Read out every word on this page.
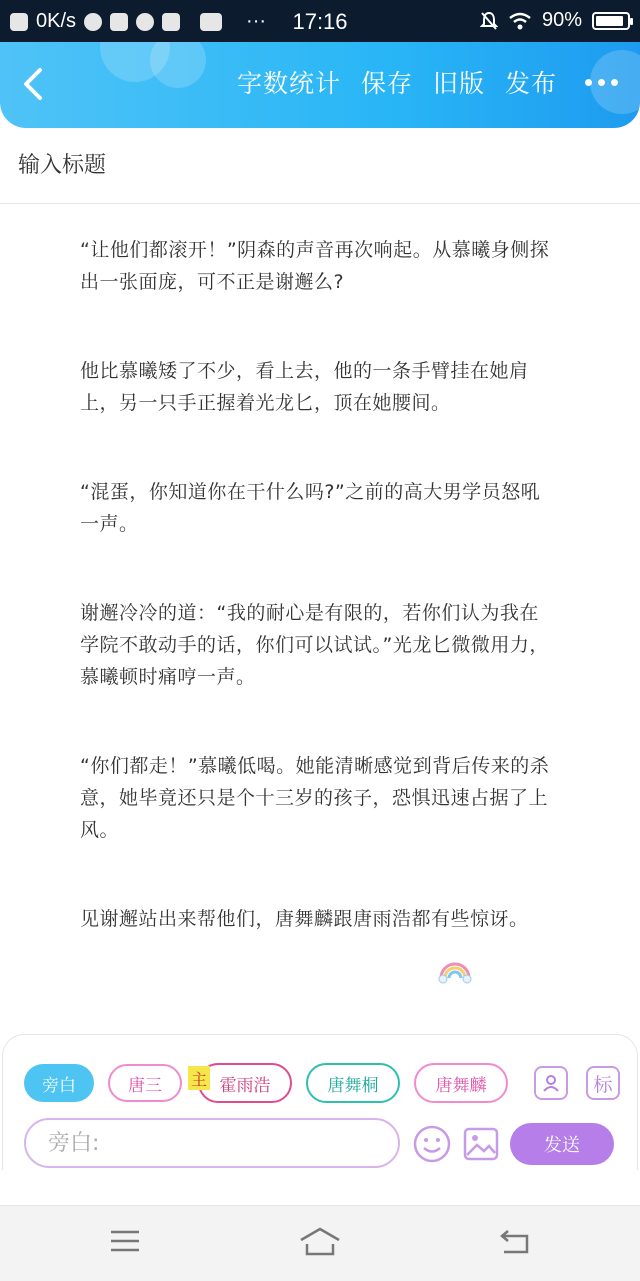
0K/s	···	17:16	90%
字数统计 保存 旧版 发布
输入标题

“让他们都滚开！”阴森的声音再次响起。从慕曦身侧探出一张面庞，可不正是谢邂么?

他比慕曦矮了不少，看上去，他的一条手臂挂在她肩上，另一只手正握着光龙匕，顶在她腰间。

“混蛋，你知道你在干什么吗?”之前的高大男学员怒吼一声。

谢邂冷冷的道：“我的耐心是有限的，若你们认为我在学院不敢动手的话，你们可以试试。”光龙匕微微用力，慕曦顿时痛哼一声。

“你们都走！”慕曦低喝。她能清晰感觉到背后传来的杀意，她毕竟还只是个十三岁的孩子，恐惧迅速占据了上风。

见谢邂站出来帮他们，唐舞麟跟唐雨浩都有些惊讶。

旁白	唐三	霍雨浩
主	唐舞桐	唐舞麟	标
旁白:
发送
